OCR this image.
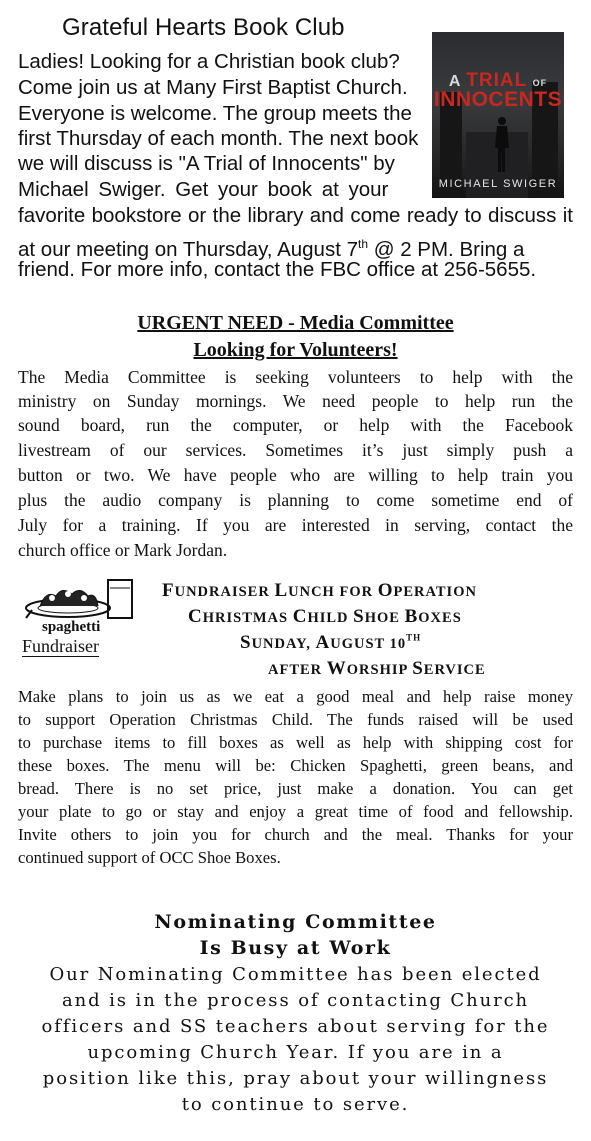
Grateful Hearts Book Club
Ladies! Looking for a Christian book club?
Come join us at Many First Baptist Church.
Everyone is welcome. The group meets the
first Thursday of each month. The next book
we will discuss is "A Trial of Innocents" by
Michael Swiger. Get your book at your
favorite bookstore or the library and come ready to discuss it
at our meeting on Thursday, August 7th @ 2 PM. Bring a
friend. For more info, contact the FBC office at 256-5655.
A TRIAL OF
INNOCENTS
MICHAEL SWIGER
URGENT NEED - Media Committee
Looking for Volunteers!
The Media Committee is seeking volunteers to help with the
ministry on Sunday mornings. We need people to help run the
sound board, run the computer, or help with the Facebook
livestream of our services. Sometimes it’s just simply push a
button or two. We have people who are willing to help train you
plus the audio company is planning to come sometime end of
July for a training. If you are interested in serving, contact the
church office or Mark Jordan.
spaghetti
Fundraiser
FUNDRAISER LUNCH FOR OPERATION
CHRISTMAS CHILD SHOE BOXES
SUNDAY, AUGUST 10TH
AFTER WORSHIP SERVICE
Make plans to join us as we eat a good meal and help raise money
to support Operation Christmas Child. The funds raised will be used
to purchase items to fill boxes as well as help with shipping cost for
these boxes. The menu will be: Chicken Spaghetti, green beans, and
bread. There is no set price, just make a donation. You can get
your plate to go or stay and enjoy a great time of food and fellowship.
Invite others to join you for church and the meal. Thanks for your
continued support of OCC Shoe Boxes.
Nominating Committee
Is Busy at Work
Our Nominating Committee has been elected
and is in the process of contacting Church
officers and SS teachers about serving for the
upcoming Church Year. If you are in a
position like this, pray about your willingness
to continue to serve.
